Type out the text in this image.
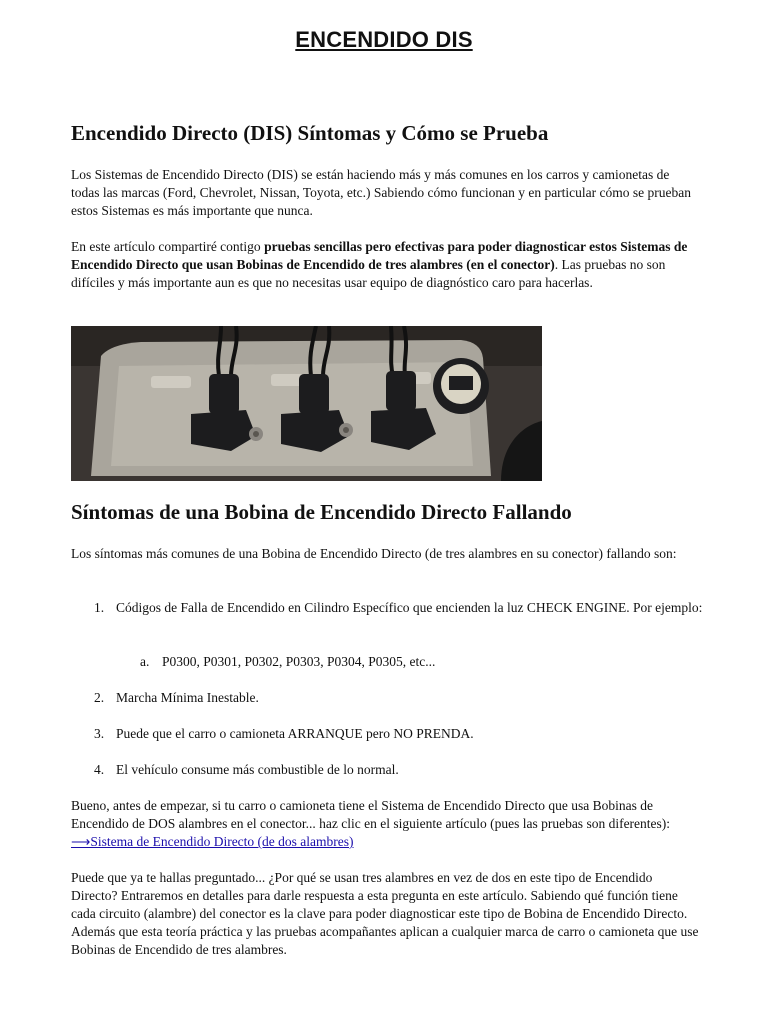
ENCENDIDO DIS
Encendido Directo (DIS) Síntomas y Cómo se Prueba

Los Sistemas de Encendido Directo (DIS) se están haciendo más y más comunes en los carros y camionetas de todas las marcas (Ford, Chevrolet, Nissan, Toyota, etc.) Sabiendo cómo funcionan y en particular cómo se prueban estos Sistemas es más importante que nunca.

En este artículo compartiré contigo pruebas sencillas pero efectivas para poder diagnosticar estos Sistemas de Encendido Directo que usan Bobinas de Encendido de tres alambres (en el conector). Las pruebas no son difíciles y más importante aun es que no necesitas usar equipo de diagnóstico caro para hacerlas.

Síntomas de una Bobina de Encendido Directo Fallando

Los síntomas más comunes de una Bobina de Encendido Directo (de tres alambres en su conector) fallando son:

1. Códigos de Falla de Encendido en Cilindro Específico que encienden la luz CHECK ENGINE. Por ejemplo:
a. P0300, P0301, P0302, P0303, P0304, P0305, etc...
2. Marcha Mínima Inestable.
3. Puede que el carro o camioneta ARRANQUE pero NO PRENDA.
4. El vehículo consume más combustible de lo normal.

Bueno, antes de empezar, si tu carro o camioneta tiene el Sistema de Encendido Directo que usa Bobinas de Encendido de DOS alambres en el conector... haz clic en el siguiente artículo (pues las pruebas son diferentes): ⟶Sistema de Encendido Directo (de dos alambres)

Puede que ya te hallas preguntado... ¿Por qué se usan tres alambres en vez de dos en este tipo de Encendido Directo? Entraremos en detalles para darle respuesta a esta pregunta en este artículo. Sabiendo qué función tiene cada circuito (alambre) del conector es la clave para poder diagnosticar este tipo de Bobina de Encendido Directo. Además que esta teoría práctica y las pruebas acompañantes aplican a cualquier marca de carro o camioneta que use Bobinas de Encendido de tres alambres.
